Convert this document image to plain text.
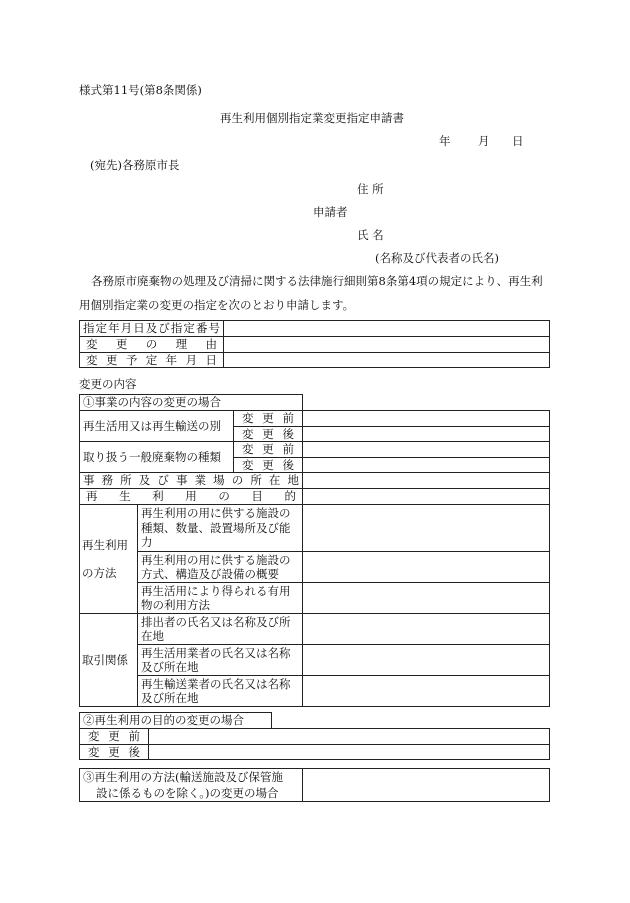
様式第11号(第8条関係)
再生利用個別指定業変更指定申請書
年 月 日
(宛先)各務原市長
住 所
申請者
氏 名
(名称及び代表者の氏名)
各務原市廃棄物の処理及び清掃に関する法律施行細則第8条第4項の規定により、再生利
用個別指定業の変更の指定を次のとおり申請します。
指定年月日及び指定番号	
変更の理由	
変更予定年月日	
変更の内容
①事業の内容の変更の場合			
再生活用又は再生輸送の別		変更前	
		変更後	
取り扱う一般廃棄物の種類		変更前	
		変更後	
事務所及び事業場の所在地			
再生利用の目的			

再生利用
の方法	再生利用の用に供する施設の種類、数量、設置場所及び能力		
	再生利用の用に供する施設の方式、構造及び設備の概要		
	再生活用により得られる有用物の利用方法		
取引関係	排出者の氏名又は名称及び所在地		
	再生活用業者の氏名又は名称及び所在地		
	再生輸送業者の氏名又は名称及び所在地		
②再生利用の目的の変更の場合		
変更前		
変更後		
③再生利用の方法(輸送施設及び保管施
設に係るものを除く。)の変更の場合
